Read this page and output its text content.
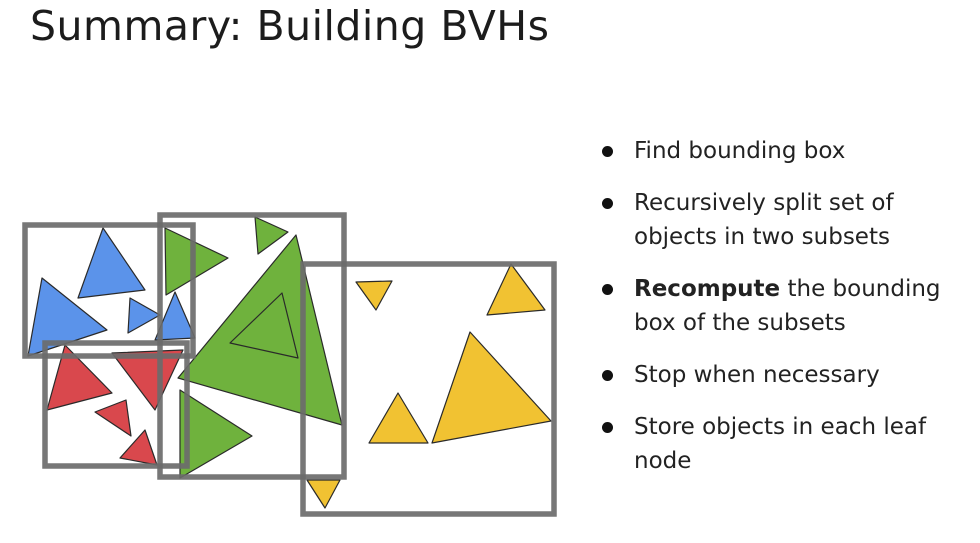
Summary: Building BVHs
Find bounding box
Recursively split set of objects in two subsets
Recompute the bounding box of the subsets
Stop when necessary
Store objects in each leaf node
